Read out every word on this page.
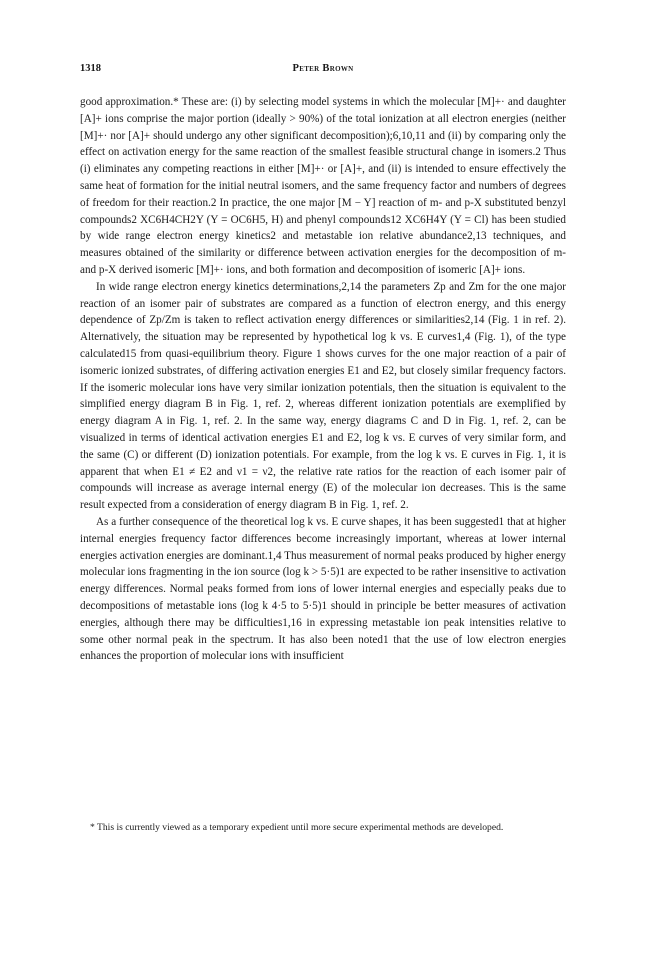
1318	Peter Brown

good approximation.* These are: (i) by selecting model systems in which the molecular [M]+· and daughter [A]+ ions comprise the major portion (ideally > 90%) of the total ionization at all electron energies (neither [M]+· nor [A]+ should undergo any other significant decomposition);6,10,11 and (ii) by comparing only the effect on activation energy for the same reaction of the smallest feasible structural change in isomers.2 Thus (i) eliminates any competing reactions in either [M]+· or [A]+, and (ii) is intended to ensure effectively the same heat of formation for the initial neutral isomers, and the same frequency factor and numbers of degrees of freedom for their reaction.2 In practice, the one major [M − Y] reaction of m- and p-X substituted benzyl compounds2 XC6H4CH2Y (Y = OC6H5, H) and phenyl compounds12 XC6H4Y (Y = Cl) has been studied by wide range electron energy kinetics2 and metastable ion relative abundance2,13 techniques, and measures obtained of the similarity or difference between activation energies for the decomposition of m- and p-X derived isomeric [M]+· ions, and both formation and decomposition of isomeric [A]+ ions.

In wide range electron energy kinetics determinations,2,14 the parameters Zp and Zm for the one major reaction of an isomer pair of substrates are compared as a function of electron energy, and this energy dependence of Zp/Zm is taken to reflect activation energy differences or similarities2,14 (Fig. 1 in ref. 2). Alternatively, the situation may be represented by hypothetical log k vs. E curves1,4 (Fig. 1), of the type calculated15 from quasi-equilibrium theory. Figure 1 shows curves for the one major reaction of a pair of isomeric ionized substrates, of differing activation energies E1 and E2, but closely similar frequency factors. If the isomeric molecular ions have very similar ionization potentials, then the situation is equivalent to the simplified energy diagram B in Fig. 1, ref. 2, whereas different ionization potentials are exemplified by energy diagram A in Fig. 1, ref. 2. In the same way, energy diagrams C and D in Fig. 1, ref. 2, can be visualized in terms of identical activation energies E1 and E2, log k vs. E curves of very similar form, and the same (C) or different (D) ionization potentials. For example, from the log k vs. E curves in Fig. 1, it is apparent that when E1 ≠ E2 and ν1 = ν2, the relative rate ratios for the reaction of each isomer pair of compounds will increase as average internal energy (E) of the molecular ion decreases. This is the same result expected from a consideration of energy diagram B in Fig. 1, ref. 2.

As a further consequence of the theoretical log k vs. E curve shapes, it has been suggested1 that at higher internal energies frequency factor differences become increasingly important, whereas at lower internal energies activation energies are dominant.1,4 Thus measurement of normal peaks produced by higher energy molecular ions fragmenting in the ion source (log k > 5·5)1 are expected to be rather insensitive to activation energy differences. Normal peaks formed from ions of lower internal energies and especially peaks due to decompositions of metastable ions (log k 4·5 to 5·5)1 should in principle be better measures of activation energies, although there may be difficulties1,16 in expressing metastable ion peak intensities relative to some other normal peak in the spectrum. It has also been noted1 that the use of low electron energies enhances the proportion of molecular ions with insufficient

* This is currently viewed as a temporary expedient until more secure experimental methods are developed.
